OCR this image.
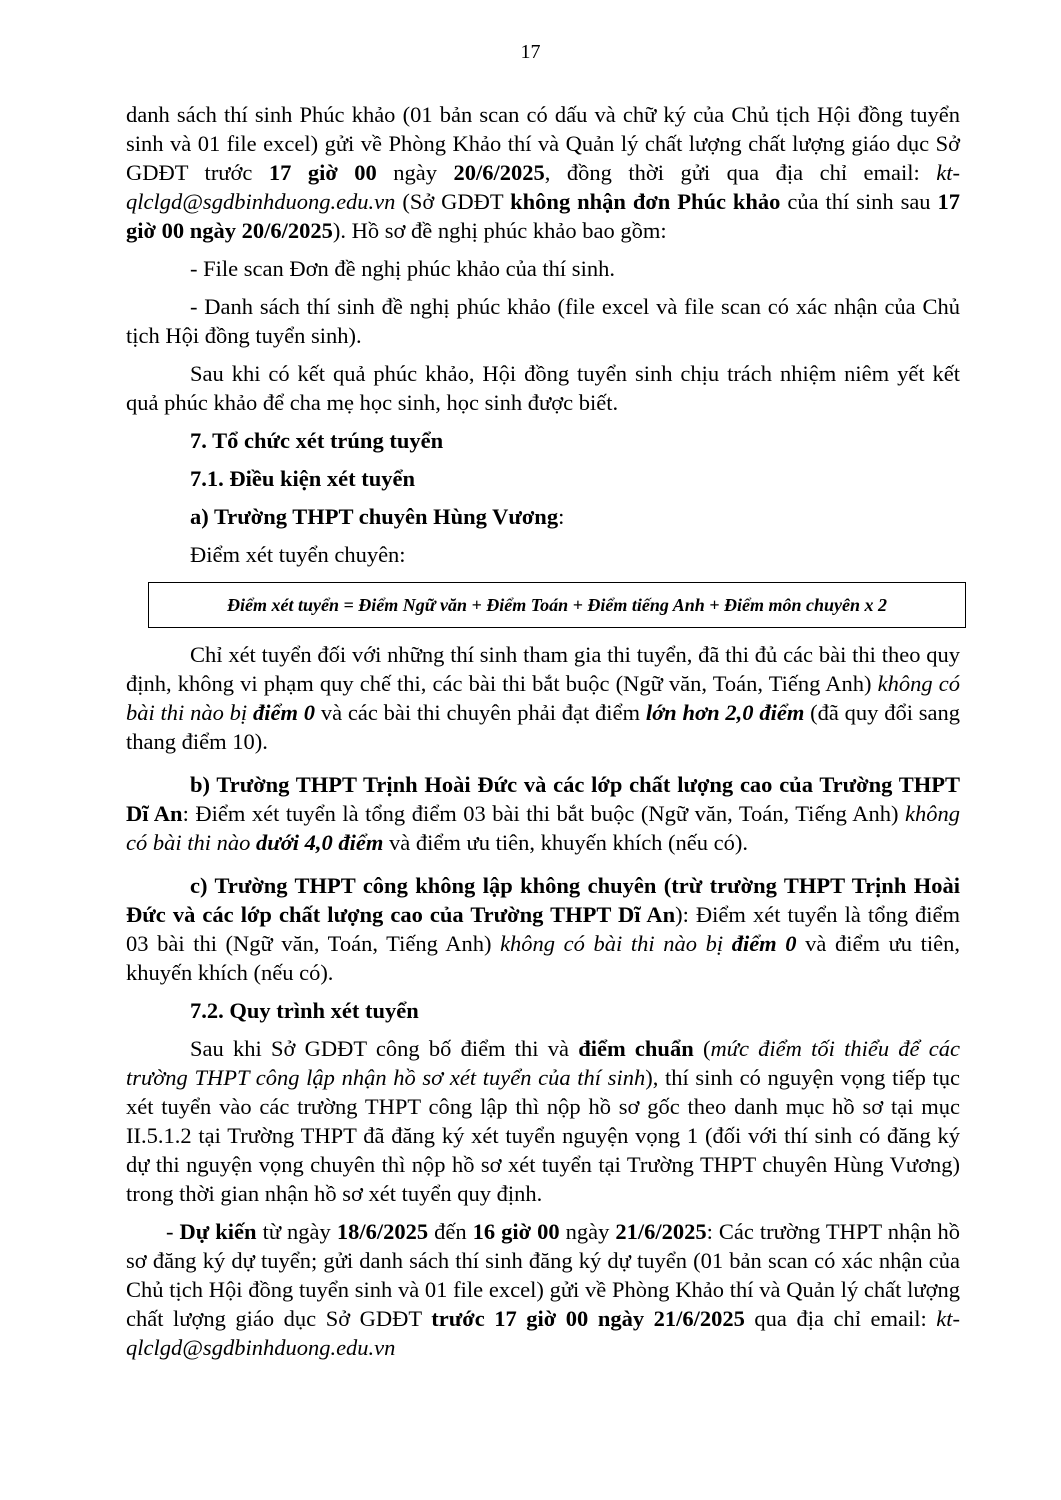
17

danh sách thí sinh Phúc khảo (01 bản scan có dấu và chữ ký của Chủ tịch Hội đồng tuyển sinh và 01 file excel) gửi về Phòng Khảo thí và Quản lý chất lượng chất lượng giáo dục Sở GDĐT trước 17 giờ 00 ngày 20/6/2025, đồng thời gửi qua địa chỉ email: kt-qlclgd@sgdbinhduong.edu.vn (Sở GDĐT không nhận đơn Phúc khảo của thí sinh sau 17 giờ 00 ngày 20/6/2025). Hồ sơ đề nghị phúc khảo bao gồm:

- File scan Đơn đề nghị phúc khảo của thí sinh.

- Danh sách thí sinh đề nghị phúc khảo (file excel và file scan có xác nhận của Chủ tịch Hội đồng tuyển sinh).

Sau khi có kết quả phúc khảo, Hội đồng tuyển sinh chịu trách nhiệm niêm yết kết quả phúc khảo để cha mẹ học sinh, học sinh được biết.

7. Tổ chức xét trúng tuyển

7.1. Điều kiện xét tuyển

a) Trường THPT chuyên Hùng Vương:

Điểm xét tuyển chuyên:

Điểm xét tuyển = Điểm Ngữ văn + Điểm Toán + Điểm tiếng Anh + Điểm môn chuyên x 2

Chỉ xét tuyển đối với những thí sinh tham gia thi tuyển, đã thi đủ các bài thi theo quy định, không vi phạm quy chế thi, các bài thi bắt buộc (Ngữ văn, Toán, Tiếng Anh) không có bài thi nào bị điểm 0 và các bài thi chuyên phải đạt điểm lớn hơn 2,0 điểm (đã quy đổi sang thang điểm 10).

b) Trường THPT Trịnh Hoài Đức và các lớp chất lượng cao của Trường THPT Dĩ An: Điểm xét tuyển là tổng điểm 03 bài thi bắt buộc (Ngữ văn, Toán, Tiếng Anh) không có bài thi nào dưới 4,0 điểm và điểm ưu tiên, khuyến khích (nếu có).

c) Trường THPT công không lập không chuyên (trừ trường THPT Trịnh Hoài Đức và các lớp chất lượng cao của Trường THPT Dĩ An): Điểm xét tuyển là tổng điểm 03 bài thi (Ngữ văn, Toán, Tiếng Anh) không có bài thi nào bị điểm 0 và điểm ưu tiên, khuyến khích (nếu có).

7.2. Quy trình xét tuyển

Sau khi Sở GDĐT công bố điểm thi và điểm chuẩn (mức điểm tối thiểu để các trường THPT công lập nhận hồ sơ xét tuyển của thí sinh), thí sinh có nguyện vọng tiếp tục xét tuyển vào các trường THPT công lập thì nộp hồ sơ gốc theo danh mục hồ sơ tại mục II.5.1.2 tại Trường THPT đã đăng ký xét tuyển nguyện vọng 1 (đối với thí sinh có đăng ký dự thi nguyện vọng chuyên thì nộp hồ sơ xét tuyển tại Trường THPT chuyên Hùng Vương) trong thời gian nhận hồ sơ xét tuyển quy định.

- Dự kiến từ ngày 18/6/2025 đến 16 giờ 00 ngày 21/6/2025: Các trường THPT nhận hồ sơ đăng ký dự tuyển; gửi danh sách thí sinh đăng ký dự tuyển (01 bản scan có xác nhận của Chủ tịch Hội đồng tuyển sinh và 01 file excel) gửi về Phòng Khảo thí và Quản lý chất lượng chất lượng giáo dục Sở GDĐT trước 17 giờ 00 ngày 21/6/2025 qua địa chỉ email: kt-qlclgd@sgdbinhduong.edu.vn
